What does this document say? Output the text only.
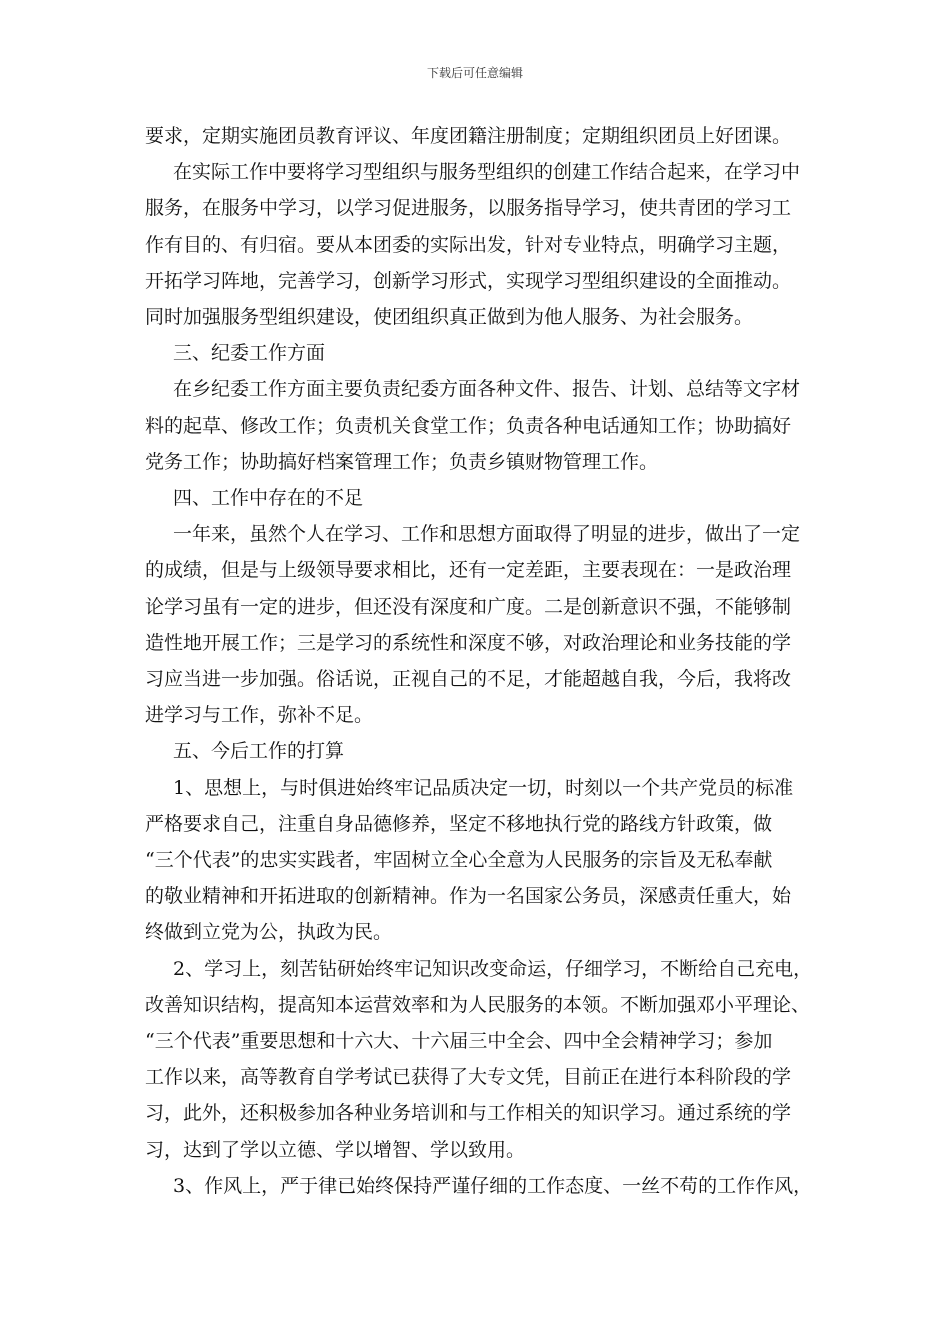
下载后可任意编辑

要求，定期实施团员教育评议、年度团籍注册制度；定期组织团员上好团课。

在实际工作中要将学习型组织与服务型组织的创建工作结合起来，在学习中

服务，在服务中学习，以学习促进服务，以服务指导学习，使共青团的学习工

作有目的、有归宿。要从本团委的实际出发，针对专业特点，明确学习主题，

开拓学习阵地，完善学习，创新学习形式，实现学习型组织建设的全面推动。

同时加强服务型组织建设，使团组织真正做到为他人服务、为社会服务。

三、纪委工作方面

在乡纪委工作方面主要负责纪委方面各种文件、报告、计划、总结等文字材

料的起草、修改工作；负责机关食堂工作；负责各种电话通知工作；协助搞好

党务工作；协助搞好档案管理工作；负责乡镇财物管理工作。

四、工作中存在的不足

一年来，虽然个人在学习、工作和思想方面取得了明显的进步，做出了一定

的成绩，但是与上级领导要求相比，还有一定差距，主要表现在：一是政治理

论学习虽有一定的进步，但还没有深度和广度。二是创新意识不强，不能够制

造性地开展工作；三是学习的系统性和深度不够，对政治理论和业务技能的学

习应当进一步加强。俗话说，正视自己的不足，才能超越自我，今后，我将改

进学习与工作，弥补不足。

五、今后工作的打算

1、思想上，与时俱进始终牢记品质决定一切，时刻以一个共产党员的标准

严格要求自己，注重自身品德修养，坚定不移地执行党的路线方针政策，做

“三个代表”的忠实实践者，牢固树立全心全意为人民服务的宗旨及无私奉献

的敬业精神和开拓进取的创新精神。作为一名国家公务员，深感责任重大，始

终做到立党为公，执政为民。

2、学习上，刻苦钻研始终牢记知识改变命运，仔细学习，不断给自己充电，

改善知识结构，提高知本运营效率和为人民服务的本领。不断加强邓小平理论、

“三个代表”重要思想和十六大、十六届三中全会、四中全会精神学习；参加

工作以来，高等教育自学考试已获得了大专文凭，目前正在进行本科阶段的学

习，此外，还积极参加各种业务培训和与工作相关的知识学习。通过系统的学

习，达到了学以立德、学以增智、学以致用。

3、作风上，严于律已始终保持严谨仔细的工作态度、一丝不苟的工作作风，
